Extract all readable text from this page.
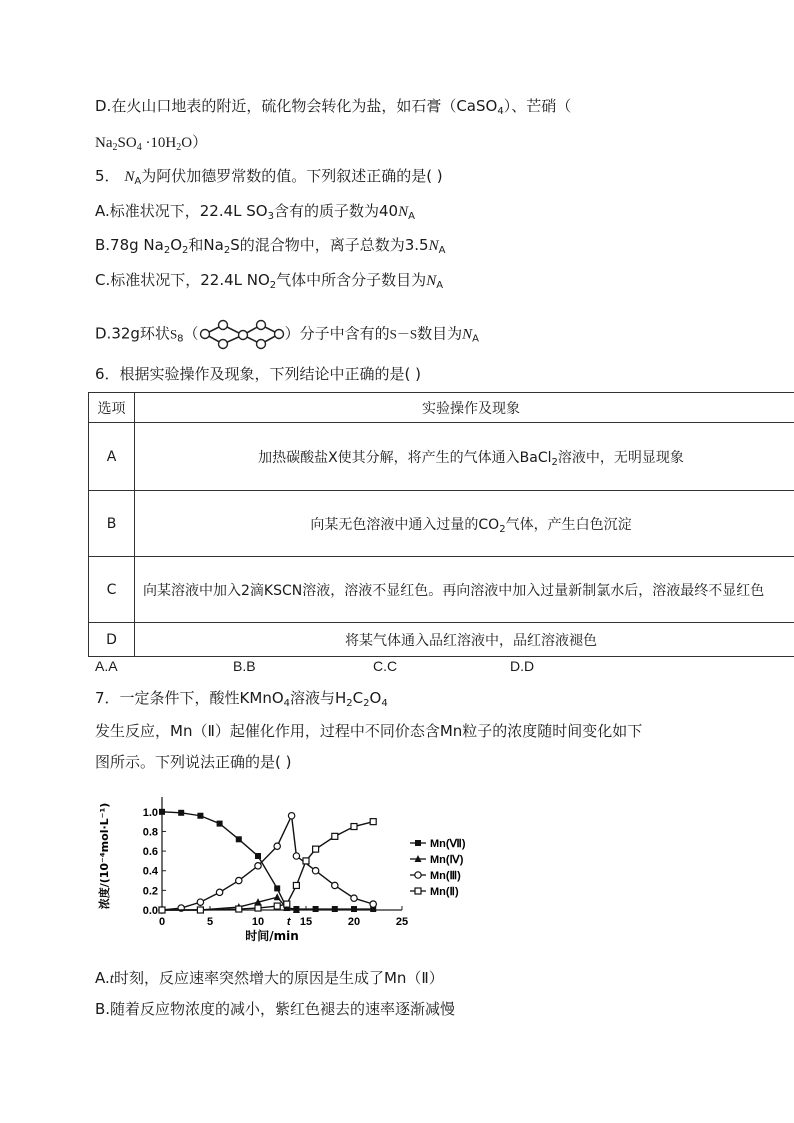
D.在火山口地表的附近，硫化物会转化为盐，如石膏（CaSO$_4$）、芒硝（
$Na_2SO_4 \cdot 10H_2O$）
5． $N_A$为阿伏加德罗常数的值。下列叙述正确的是( )
A.标准状况下，22.4L $SO_3$含有的质子数为$40N_A$
B.78g $Na_2O_2$和$Na_2S$的混合物中，离子总数为$3.5N_A$
C.标准状况下，22.4L $NO_2$气体中所含分子数目为$N_A$
D.32g环状$S_8$（	）分子中含有的S－S数目为$N_A$
6．根据实验操作及现象，下列结论中正确的是( )
选项	实验操作及现象
A	加热碳酸盐X使其分解，将产生的气体通入BaCl$_2$溶液中，无明显现象
B	向某无色溶液中通入过量的$CO_2$气体，产生白色沉淀
C	向某溶液中加入2滴KSCN溶液，溶液不显红色。再向溶液中加入过量新制氯水后，溶液最终不显红色
D	将某气体通入品红溶液中，品红溶液褪色
A.A	B.B	C.C	D.D
7．一定条件下，酸性KMnO$_4$溶液与$H_2C_2O_4$
发生反应，Mn（Ⅱ）起催化作用，过程中不同价态含Mn粒子的浓度随时间变化如下
图所示。下列说法正确的是( )
0.0
0.2
0.4
0.6
0.8
1.0
0	5	10 t 15	20	25
时间/min
浓度/(10⁻⁴mol·L⁻¹)	Mn(Ⅶ)
Mn(Ⅳ)
Mn(Ⅲ)
Mn(Ⅱ)
A.t时刻，反应速率突然增大的原因是生成了Mn（Ⅱ）
B.随着反应物浓度的减小，紫红色褪去的速率逐渐减慢
